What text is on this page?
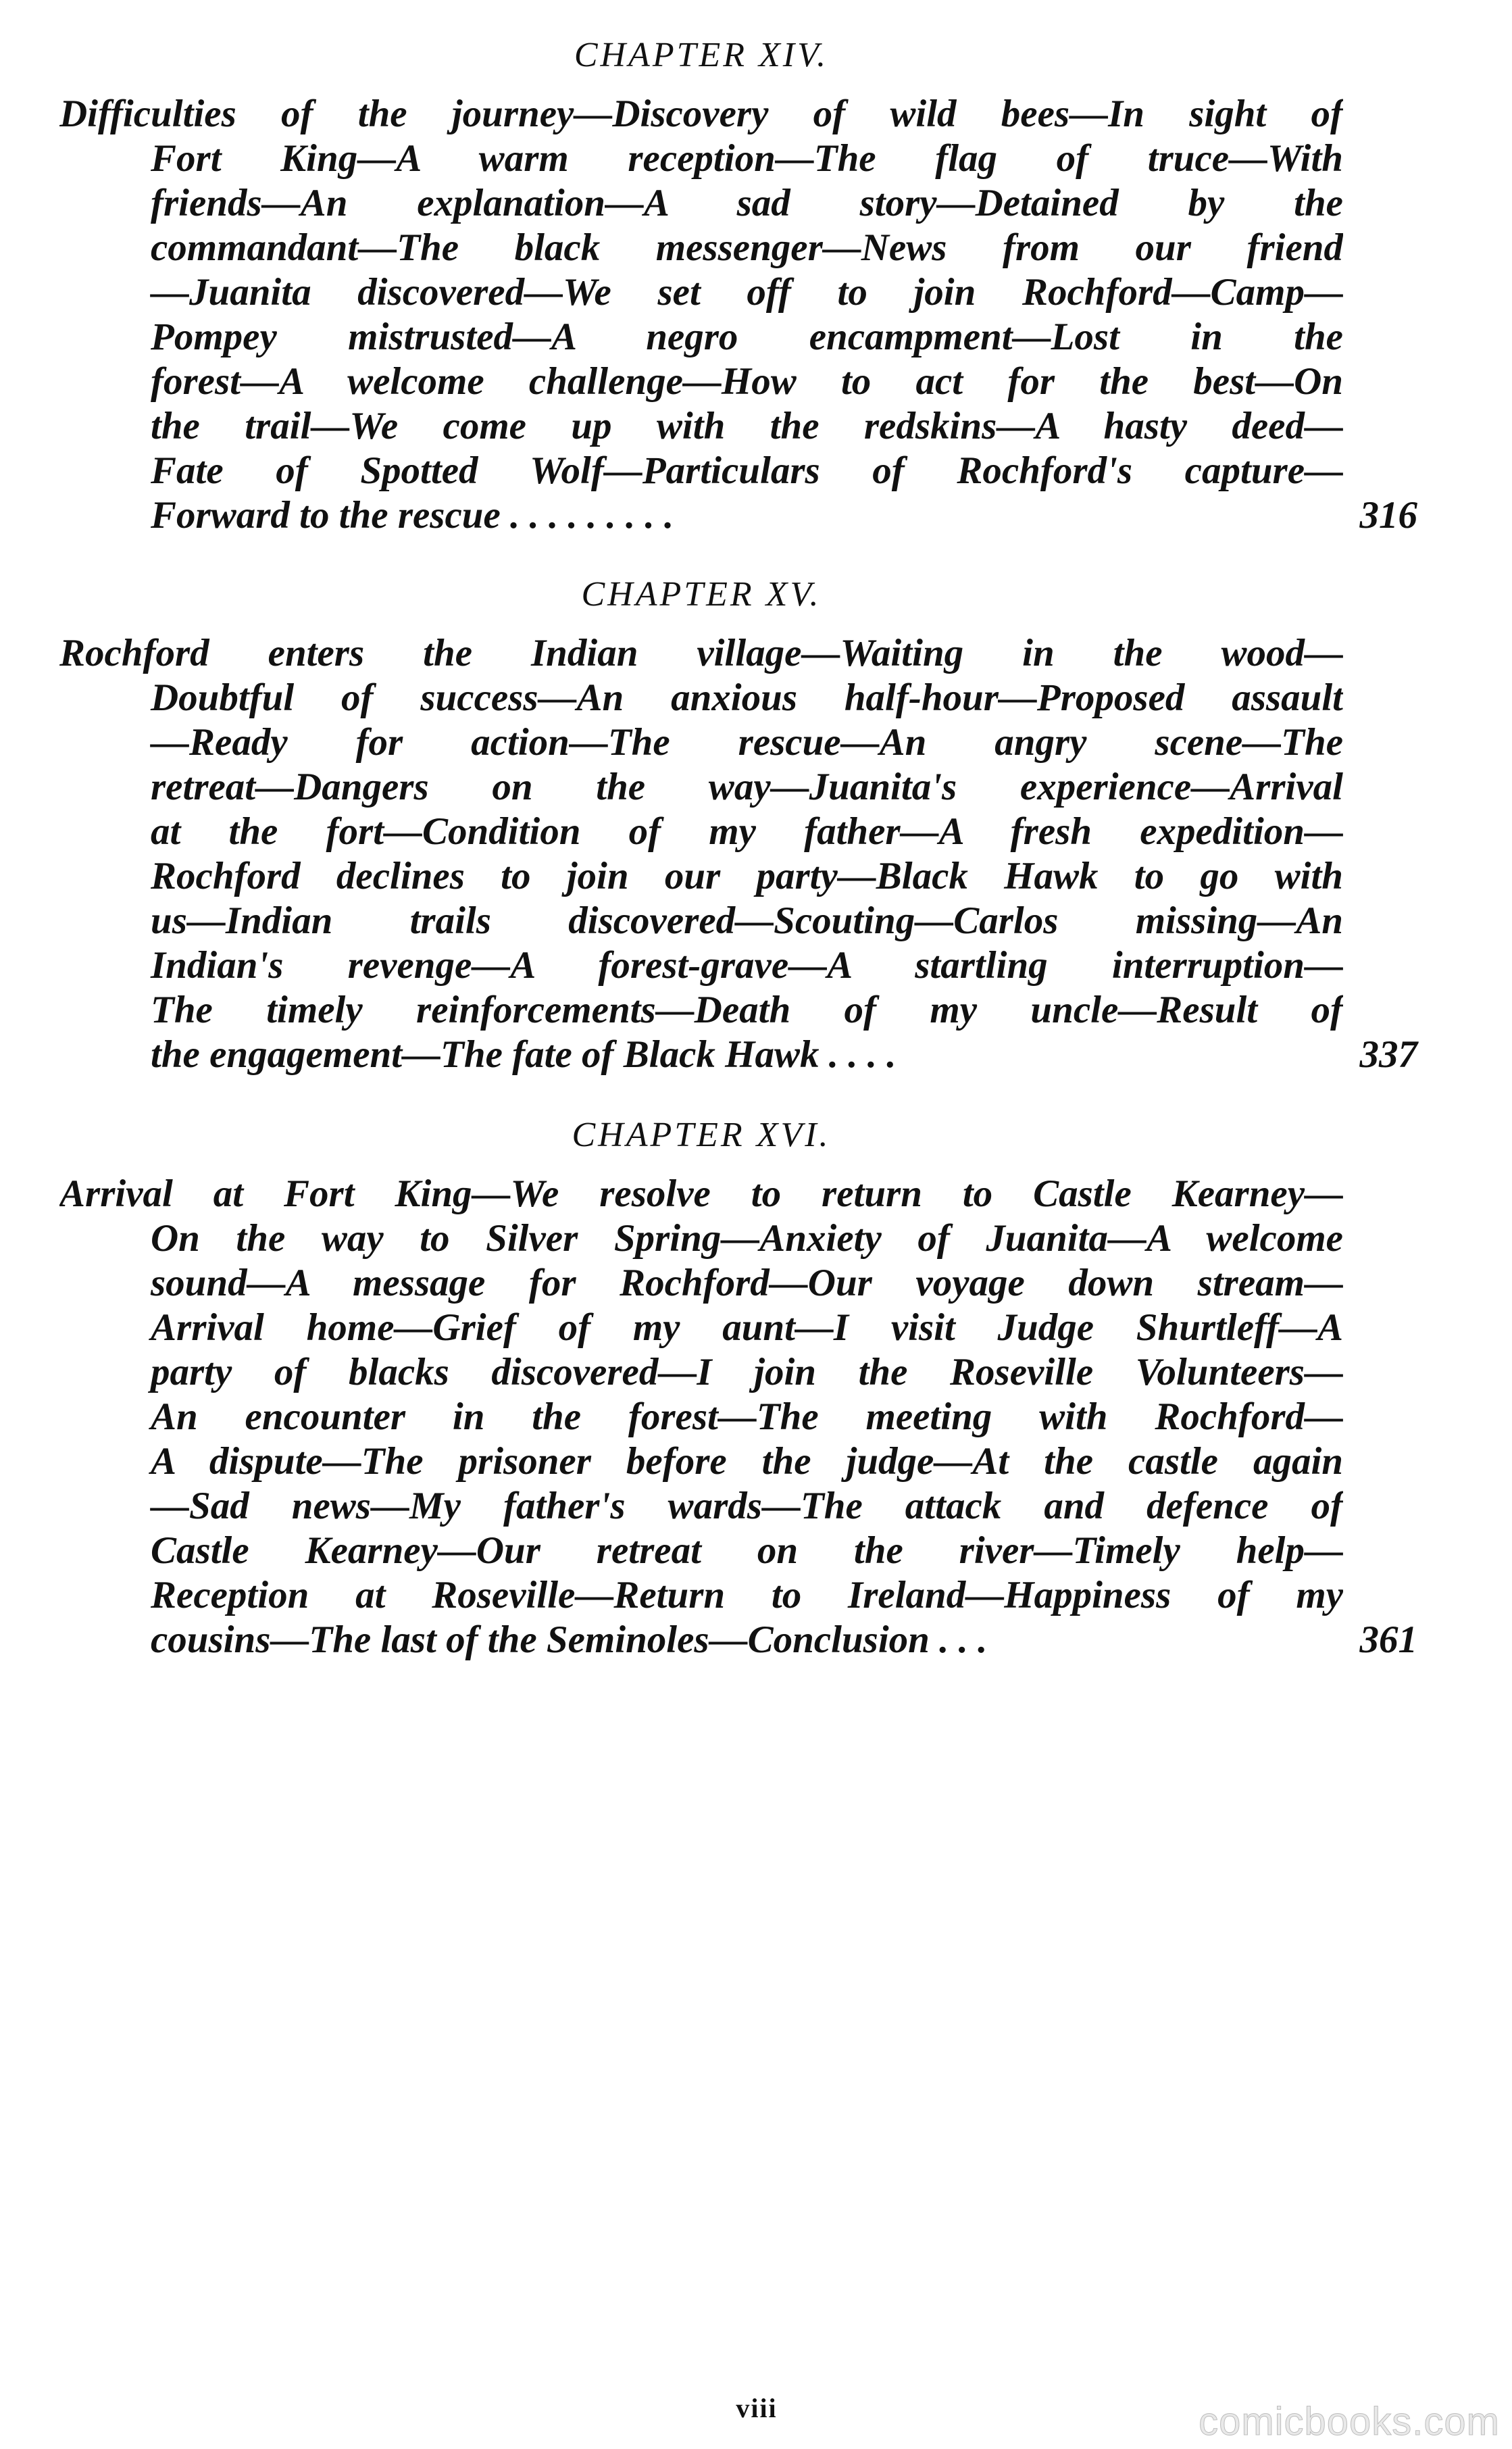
CHAPTER XIV.

Difficulties of the journey—Discovery of wild bees—In sight of
Fort King—A warm reception—The flag of truce—With
friends—An explanation—A sad story—Detained by the
commandant—The black messenger—News from our friend
—Juanita discovered—We set off to join Rochford—Camp—
Pompey mistrusted—A negro encampment—Lost in the
forest—A welcome challenge—How to act for the best—On
the trail—We come up with the redskins—A hasty deed—
Fate of Spotted Wolf—Particulars of Rochford's capture—
Forward to the rescue . . . . . . . . .	316

CHAPTER XV.

Rochford enters the Indian village—Waiting in the wood—
Doubtful of success—An anxious half-hour—Proposed assault
—Ready for action—The rescue—An angry scene—The
retreat—Dangers on the way—Juanita's experience—Arrival
at the fort—Condition of my father—A fresh expedition—
Rochford declines to join our party—Black Hawk to go with
us—Indian trails discovered—Scouting—Carlos missing—An
Indian's revenge—A forest-grave—A startling interruption—
The timely reinforcements—Death of my uncle—Result of
the engagement—The fate of Black Hawk . . . .	337

CHAPTER XVI.

Arrival at Fort King—We resolve to return to Castle Kearney—
On the way to Silver Spring—Anxiety of Juanita—A welcome
sound—A message for Rochford—Our voyage down stream—
Arrival home—Grief of my aunt—I visit Judge Shurtleff—A
party of blacks discovered—I join the Roseville Volunteers—
An encounter in the forest—The meeting with Rochford—
A dispute—The prisoner before the judge—At the castle again
—Sad news—My father's wards—The attack and defence of
Castle Kearney—Our retreat on the river—Timely help—
Reception at Roseville—Return to Ireland—Happiness of my
cousins—The last of the Seminoles—Conclusion . . .	361
viii	comicbooks.com
